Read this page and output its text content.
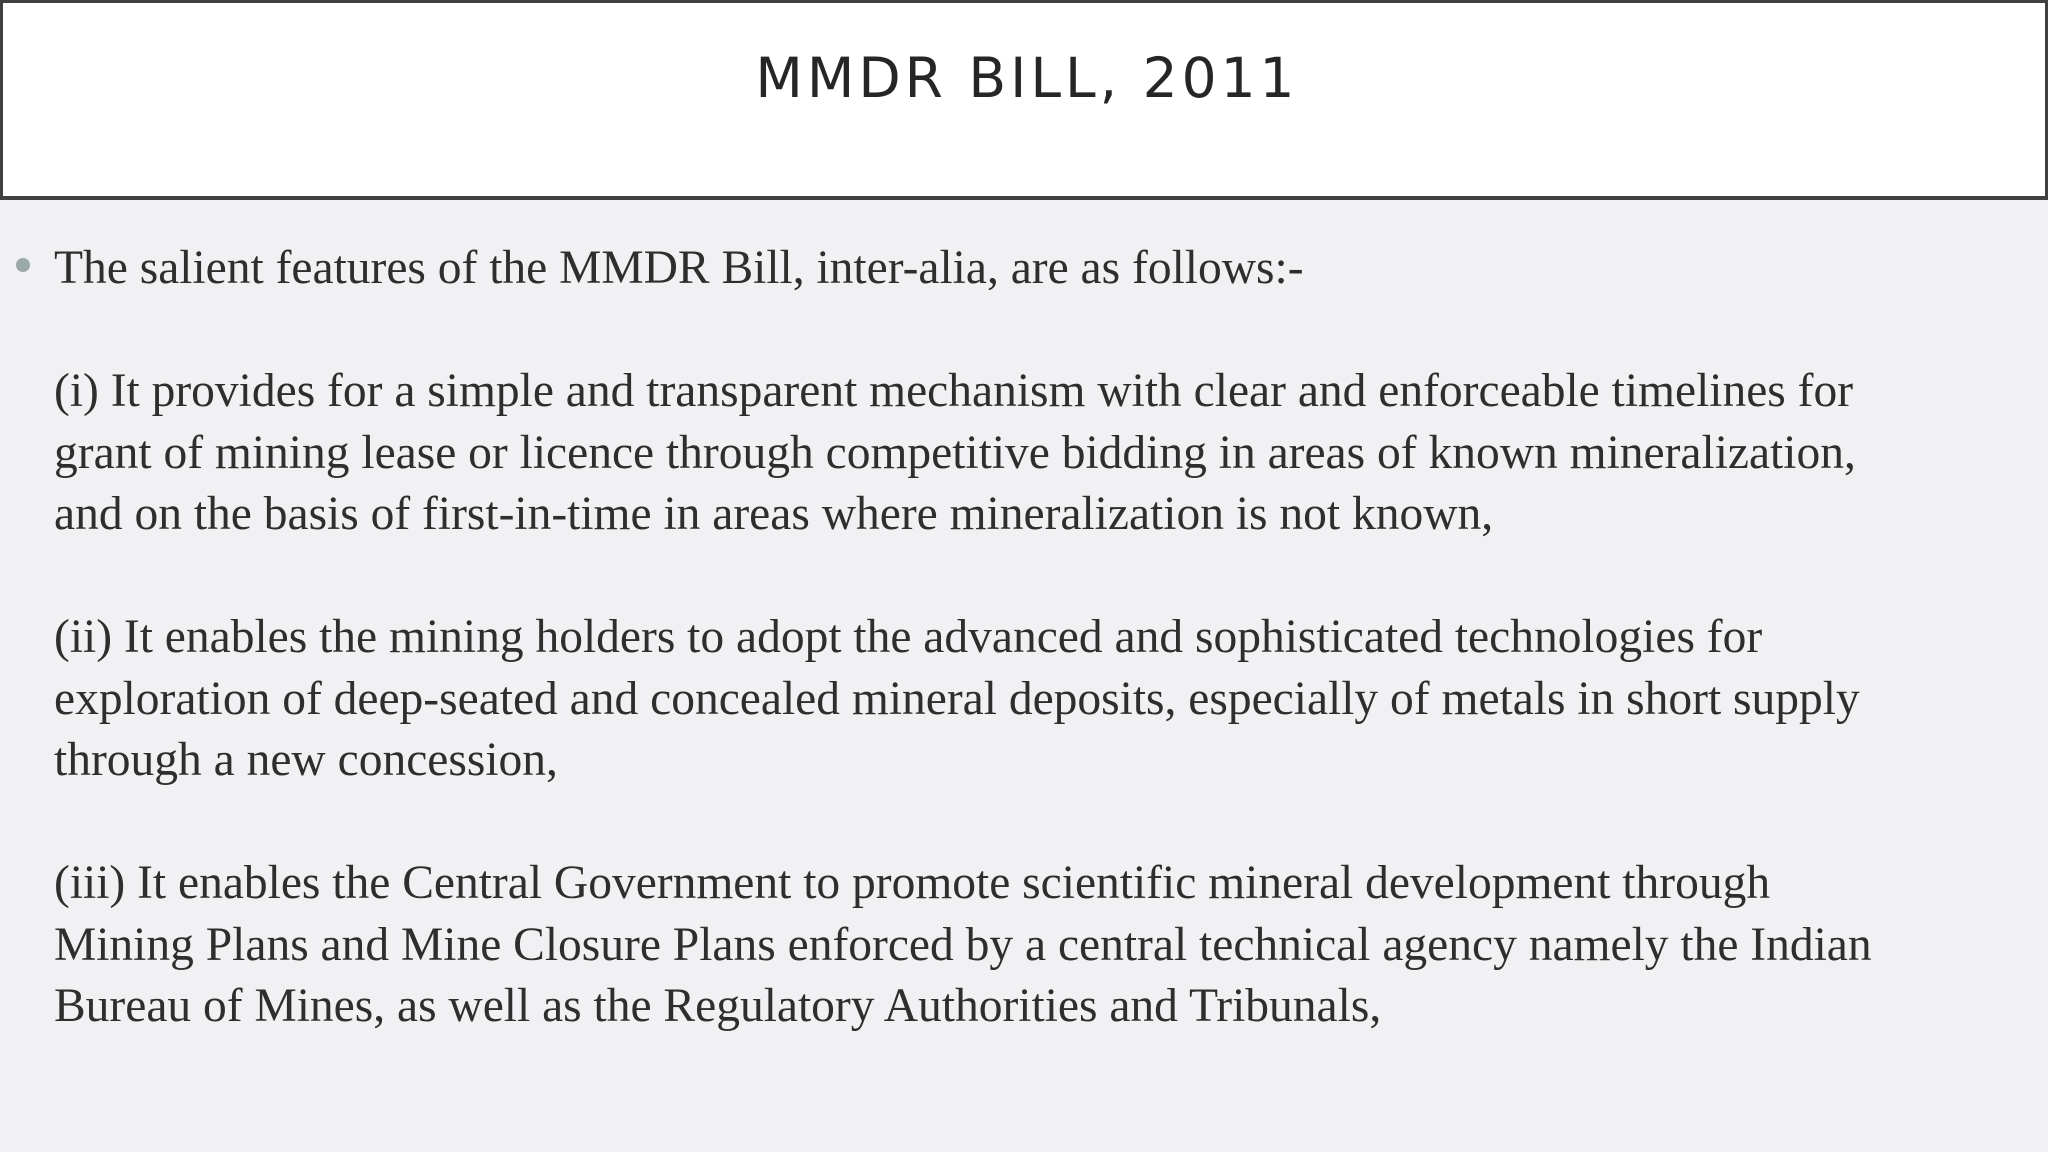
MMDR BILL, 2011
The salient features of the MMDR Bill, inter-alia, are as follows:-
(i) It provides for a simple and transparent mechanism with clear and enforceable timelines for
grant of mining lease or licence through competitive bidding in areas of known mineralization,
and on the basis of first-in-time in areas where mineralization is not known,
(ii) It enables the mining holders to adopt the advanced and sophisticated technologies for
exploration of deep-seated and concealed mineral deposits, especially of metals in short supply
through a new concession,
(iii) It enables the Central Government to promote scientific mineral development through
Mining Plans and Mine Closure Plans enforced by a central technical agency namely the Indian
Bureau of Mines, as well as the Regulatory Authorities and Tribunals,
